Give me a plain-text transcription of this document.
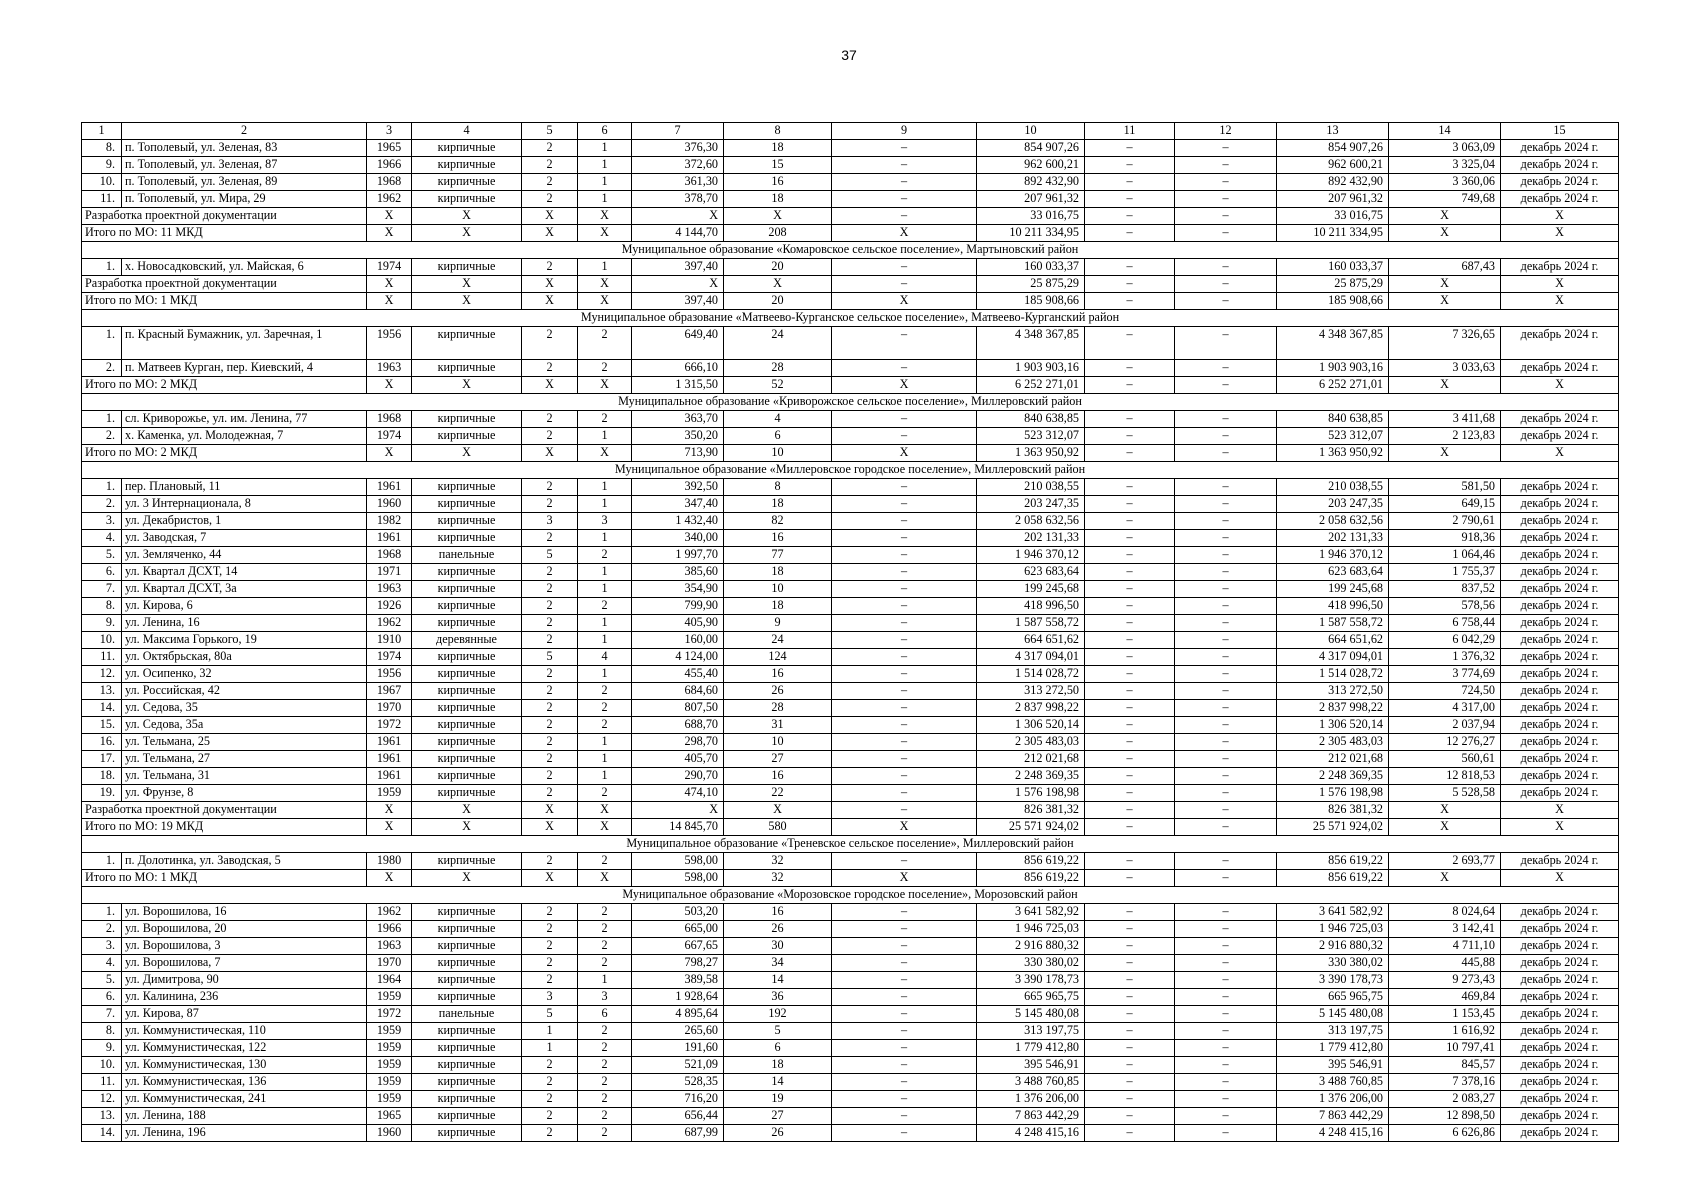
37
1	2	3	4	5	6	7	8	9	10	11	12	13	14	15
8.	п. Тополевый, ул. Зеленая, 83	1965	кирпичные	2	1	376,30	18	–	854 907,26	–	–	854 907,26	3 063,09	декабрь 2024 г.
9.	п. Тополевый, ул. Зеленая, 87	1966	кирпичные	2	1	372,60	15	–	962 600,21	–	–	962 600,21	3 325,04	декабрь 2024 г.
10.	п. Тополевый, ул. Зеленая, 89	1968	кирпичные	2	1	361,30	16	–	892 432,90	–	–	892 432,90	3 360,06	декабрь 2024 г.
11.	п. Тополевый, ул. Мира, 29	1962	кирпичные	2	1	378,70	18	–	207 961,32	–	–	207 961,32	749,68	декабрь 2024 г.
Разработка проектной документации		X	X	X	X	X	X	–	33 016,75	–	–	33 016,75	X	X
Итого по МО: 11 МКД		X	X	X	X	4 144,70	208	X	10 211 334,95	–	–	10 211 334,95	X	X
Муниципальное образование «Комаровское сельское поселение», Мартыновский район														
1.	х. Новосадковский, ул. Майская, 6	1974	кирпичные	2	1	397,40	20	–	160 033,37	–	–	160 033,37	687,43	декабрь 2024 г.
Разработка проектной документации		X	X	X	X	X	X	–	25 875,29	–	–	25 875,29	X	X
Итого по МО: 1 МКД		X	X	X	X	397,40	20	X	185 908,66	–	–	185 908,66	X	X
Муниципальное образование «Матвеево-Курганское сельское поселение», Матвеево-Курганский район														
1.	п. Красный Бумажник, ул. Заречная, 1	1956	кирпичные	2	2	649,40	24	–	4 348 367,85	–	–	4 348 367,85	7 326,65	декабрь 2024 г.
2.	п. Матвеев Курган, пер. Киевский, 4	1963	кирпичные	2	2	666,10	28	–	1 903 903,16	–	–	1 903 903,16	3 033,63	декабрь 2024 г.
Итого по МО: 2 МКД		X	X	X	X	1 315,50	52	X	6 252 271,01	–	–	6 252 271,01	X	X
Муниципальное образование «Криворожское сельское поселение», Миллеровский район														
1.	сл. Криворожье, ул. им. Ленина, 77	1968	кирпичные	2	2	363,70	4	–	840 638,85	–	–	840 638,85	3 411,68	декабрь 2024 г.
2.	х. Каменка, ул. Молодежная, 7	1974	кирпичные	2	1	350,20	6	–	523 312,07	–	–	523 312,07	2 123,83	декабрь 2024 г.
Итого по МО: 2 МКД		X	X	X	X	713,90	10	X	1 363 950,92	–	–	1 363 950,92	X	X
Муниципальное образование «Миллеровское городское поселение», Миллеровский район														
1.	пер. Плановый, 11	1961	кирпичные	2	1	392,50	8	–	210 038,55	–	–	210 038,55	581,50	декабрь 2024 г.
2.	ул. 3 Интернационала, 8	1960	кирпичные	2	1	347,40	18	–	203 247,35	–	–	203 247,35	649,15	декабрь 2024 г.
3.	ул. Декабристов, 1	1982	кирпичные	3	3	1 432,40	82	–	2 058 632,56	–	–	2 058 632,56	2 790,61	декабрь 2024 г.
4.	ул. Заводская, 7	1961	кирпичные	2	1	340,00	16	–	202 131,33	–	–	202 131,33	918,36	декабрь 2024 г.
5.	ул. Земляченко, 44	1968	панельные	5	2	1 997,70	77	–	1 946 370,12	–	–	1 946 370,12	1 064,46	декабрь 2024 г.
6.	ул. Квартал ДСХТ, 14	1971	кирпичные	2	1	385,60	18	–	623 683,64	–	–	623 683,64	1 755,37	декабрь 2024 г.
7.	ул. Квартал ДСХТ, 3а	1963	кирпичные	2	1	354,90	10	–	199 245,68	–	–	199 245,68	837,52	декабрь 2024 г.
8.	ул. Кирова, 6	1926	кирпичные	2	2	799,90	18	–	418 996,50	–	–	418 996,50	578,56	декабрь 2024 г.
9.	ул. Ленина, 16	1962	кирпичные	2	1	405,90	9	–	1 587 558,72	–	–	1 587 558,72	6 758,44	декабрь 2024 г.
10.	ул. Максима Горького, 19	1910	деревянные	2	1	160,00	24	–	664 651,62	–	–	664 651,62	6 042,29	декабрь 2024 г.
11.	ул. Октябрьская, 80а	1974	кирпичные	5	4	4 124,00	124	–	4 317 094,01	–	–	4 317 094,01	1 376,32	декабрь 2024 г.
12.	ул. Осипенко, 32	1956	кирпичные	2	1	455,40	16	–	1 514 028,72	–	–	1 514 028,72	3 774,69	декабрь 2024 г.
13.	ул. Российская, 42	1967	кирпичные	2	2	684,60	26	–	313 272,50	–	–	313 272,50	724,50	декабрь 2024 г.
14.	ул. Седова, 35	1970	кирпичные	2	2	807,50	28	–	2 837 998,22	–	–	2 837 998,22	4 317,00	декабрь 2024 г.
15.	ул. Седова, 35а	1972	кирпичные	2	2	688,70	31	–	1 306 520,14	–	–	1 306 520,14	2 037,94	декабрь 2024 г.
16.	ул. Тельмана, 25	1961	кирпичные	2	1	298,70	10	–	2 305 483,03	–	–	2 305 483,03	12 276,27	декабрь 2024 г.
17.	ул. Тельмана, 27	1961	кирпичные	2	1	405,70	27	–	212 021,68	–	–	212 021,68	560,61	декабрь 2024 г.
18.	ул. Тельмана, 31	1961	кирпичные	2	1	290,70	16	–	2 248 369,35	–	–	2 248 369,35	12 818,53	декабрь 2024 г.
19.	ул. Фрунзе, 8	1959	кирпичные	2	2	474,10	22	–	1 576 198,98	–	–	1 576 198,98	5 528,58	декабрь 2024 г.
Разработка проектной документации		X	X	X	X	X	X	–	826 381,32	–	–	826 381,32	X	X
Итого по МО: 19 МКД		X	X	X	X	14 845,70	580	X	25 571 924,02	–	–	25 571 924,02	X	X
Муниципальное образование «Треневское сельское поселение», Миллеровский район														
1.	п. Долотинка, ул. Заводская, 5	1980	кирпичные	2	2	598,00	32	–	856 619,22	–	–	856 619,22	2 693,77	декабрь 2024 г.
Итого по МО: 1 МКД		X	X	X	X	598,00	32	X	856 619,22	–	–	856 619,22	X	X
Муниципальное образование «Морозовское городское поселение», Морозовский район														
1.	ул. Ворошилова, 16	1962	кирпичные	2	2	503,20	16	–	3 641 582,92	–	–	3 641 582,92	8 024,64	декабрь 2024 г.
2.	ул. Ворошилова, 20	1966	кирпичные	2	2	665,00	26	–	1 946 725,03	–	–	1 946 725,03	3 142,41	декабрь 2024 г.
3.	ул. Ворошилова, 3	1963	кирпичные	2	2	667,65	30	–	2 916 880,32	–	–	2 916 880,32	4 711,10	декабрь 2024 г.
4.	ул. Ворошилова, 7	1970	кирпичные	2	2	798,27	34	–	330 380,02	–	–	330 380,02	445,88	декабрь 2024 г.
5.	ул. Димитрова, 90	1964	кирпичные	2	1	389,58	14	–	3 390 178,73	–	–	3 390 178,73	9 273,43	декабрь 2024 г.
6.	ул. Калинина, 236	1959	кирпичные	3	3	1 928,64	36	–	665 965,75	–	–	665 965,75	469,84	декабрь 2024 г.
7.	ул. Кирова, 87	1972	панельные	5	6	4 895,64	192	–	5 145 480,08	–	–	5 145 480,08	1 153,45	декабрь 2024 г.
8.	ул. Коммунистическая, 110	1959	кирпичные	1	2	265,60	5	–	313 197,75	–	–	313 197,75	1 616,92	декабрь 2024 г.
9.	ул. Коммунистическая, 122	1959	кирпичные	1	2	191,60	6	–	1 779 412,80	–	–	1 779 412,80	10 797,41	декабрь 2024 г.
10.	ул. Коммунистическая, 130	1959	кирпичные	2	2	521,09	18	–	395 546,91	–	–	395 546,91	845,57	декабрь 2024 г.
11.	ул. Коммунистическая, 136	1959	кирпичные	2	2	528,35	14	–	3 488 760,85	–	–	3 488 760,85	7 378,16	декабрь 2024 г.
12.	ул. Коммунистическая, 241	1959	кирпичные	2	2	716,20	19	–	1 376 206,00	–	–	1 376 206,00	2 083,27	декабрь 2024 г.
13.	ул. Ленина, 188	1965	кирпичные	2	2	656,44	27	–	7 863 442,29	–	–	7 863 442,29	12 898,50	декабрь 2024 г.
14.	ул. Ленина, 196	1960	кирпичные	2	2	687,99	26	–	4 248 415,16	–	–	4 248 415,16	6 626,86	декабрь 2024 г.
